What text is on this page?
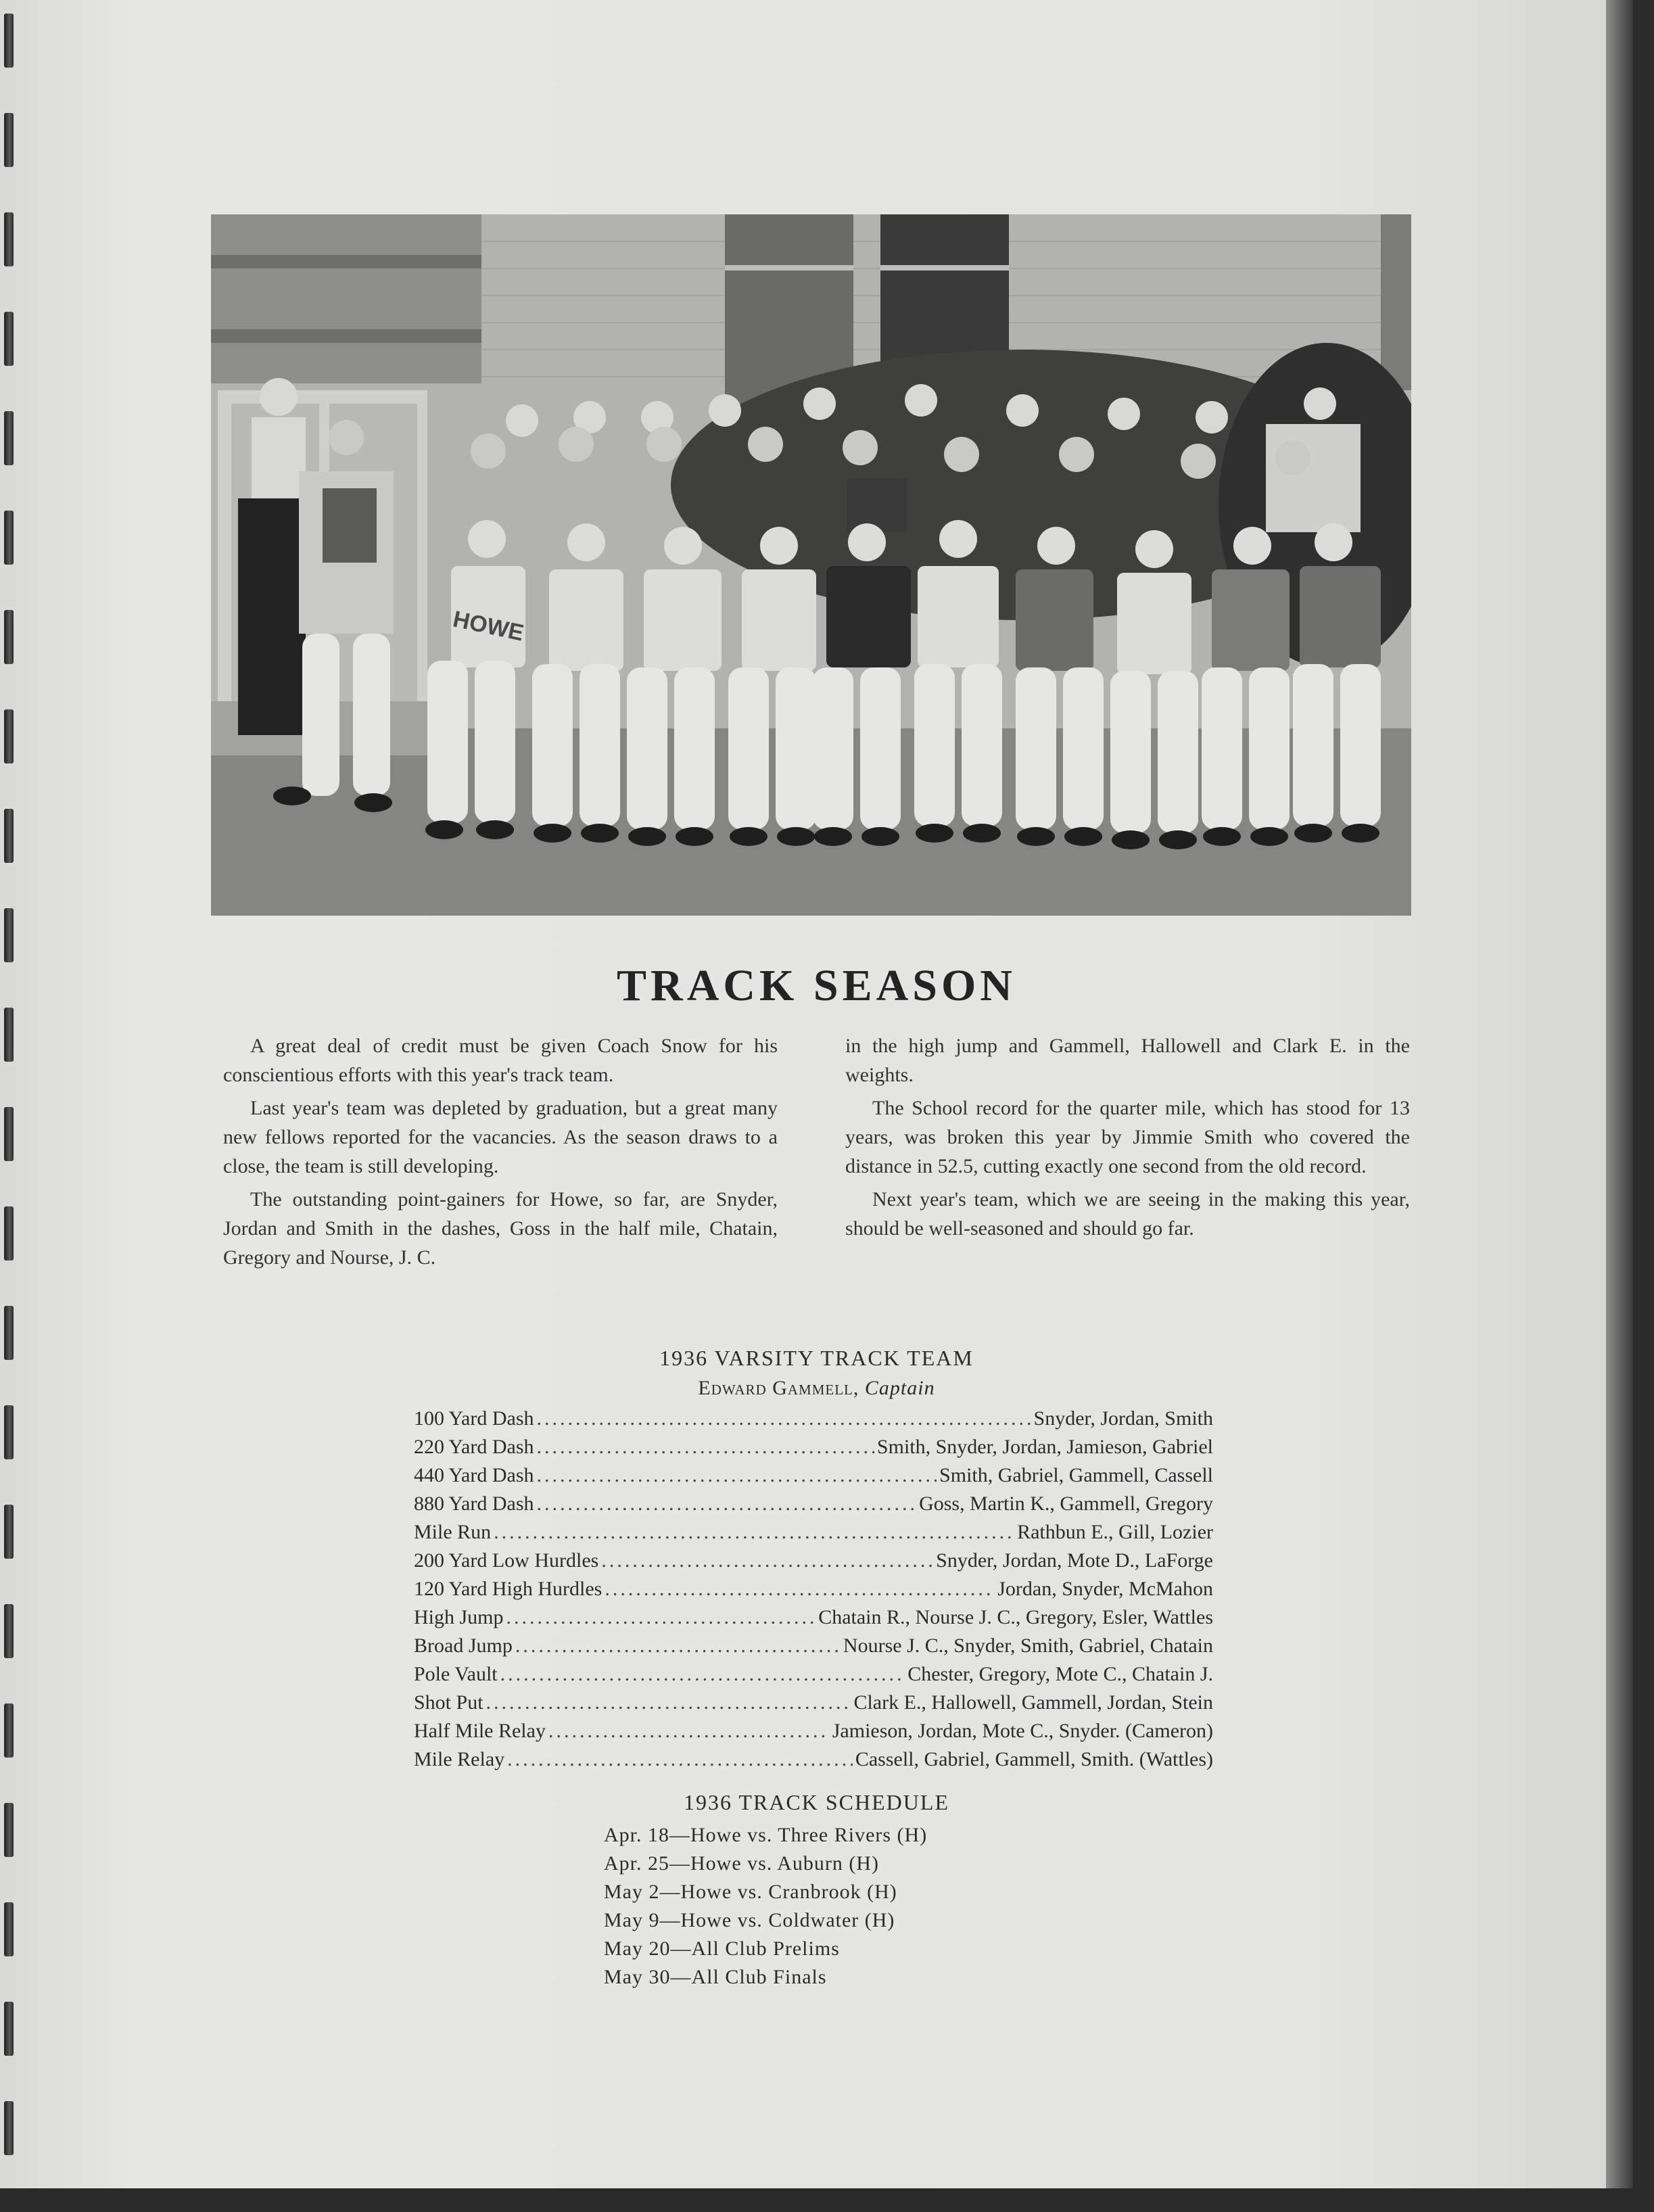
HOWE
TRACK SEASON

A great deal of credit must be given Coach Snow for his conscientious efforts with this year's track team.

Last year's team was depleted by graduation, but a great many new fellows reported for the vacancies. As the season draws to a close, the team is still developing.

The outstanding point-gainers for Howe, so far, are Snyder, Jordan and Smith in the dashes, Goss in the half mile, Chatain, Gregory and Nourse, J. C.

in the high jump and Gammell, Hallowell and Clark E. in the weights.

The School record for the quarter mile, which has stood for 13 years, was broken this year by Jimmie Smith who covered the distance in 52.5, cutting exactly one second from the old record.

Next year's team, which we are seeing in the making this year, should be well-seasoned and should go far.

1936 VARSITY TRACK TEAM
Edward Gammell, Captain
100 Yard Dash .....	Snyder, Jordan, Smith
220 Yard Dash .....	Smith, Snyder, Jordan, Jamieson, Gabriel
440 Yard Dash .....	Smith, Gabriel, Gammell, Cassell
880 Yard Dash .....	Goss, Martin K., Gammell, Gregory
Mile Run .....	Rathbun E., Gill, Lozier
200 Yard Low Hurdles .....	Snyder, Jordan, Mote D., LaForge
120 Yard High Hurdles .....	Jordan, Snyder, McMahon
High Jump .....	Chatain R., Nourse J. C., Gregory, Esler, Wattles
Broad Jump .....	Nourse J. C., Snyder, Smith, Gabriel, Chatain
Pole Vault .....	Chester, Gregory, Mote C., Chatain J.
Shot Put .....	Clark E., Hallowell, Gammell, Jordan, Stein
Half Mile Relay .....	Jamieson, Jordan, Mote C., Snyder. (Cameron)
Mile Relay .....	Cassell, Gabriel, Gammell, Smith. (Wattles)
1936 TRACK SCHEDULE
Apr. 18—Howe vs. Three Rivers (H)
Apr. 25—Howe vs. Auburn (H)
May 2—Howe vs. Cranbrook (H)
May 9—Howe vs. Coldwater (H)
May 20—All Club Prelims
May 30—All Club Finals
